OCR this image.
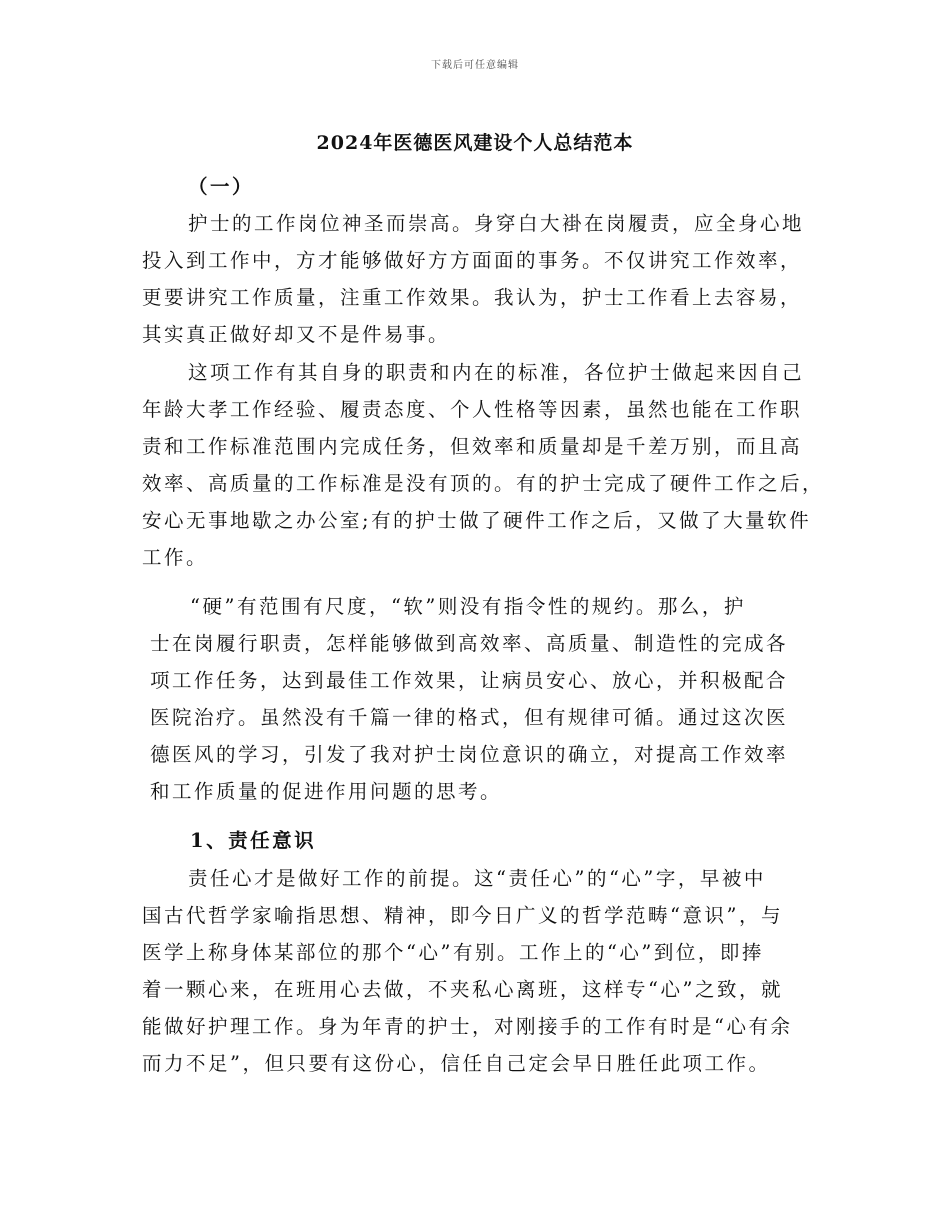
下载后可任意编辑
2024年医德医风建设个人总结范本
（一）
护士的工作岗位神圣而崇高。身穿白大褂在岗履责，应全身心地
投入到工作中，方才能够做好方方面面的事务。不仅讲究工作效率，
更要讲究工作质量，注重工作效果。我认为，护士工作看上去容易，
其实真正做好却又不是件易事。
这项工作有其自身的职责和内在的标准，各位护士做起来因自己
年龄大孝工作经验、履责态度、个人性格等因素，虽然也能在工作职
责和工作标准范围内完成任务，但效率和质量却是千差万别，而且高
效率、高质量的工作标准是没有顶的。有的护士完成了硬件工作之后，
安心无事地歇之办公室;有的护士做了硬件工作之后，又做了大量软件
工作。
“硬”有范围有尺度，“软”则没有指令性的规约。那么，护
士在岗履行职责，怎样能够做到高效率、高质量、制造性的完成各
项工作任务，达到最佳工作效果，让病员安心、放心，并积极配合
医院治疗。虽然没有千篇一律的格式，但有规律可循。通过这次医
德医风的学习，引发了我对护士岗位意识的确立，对提高工作效率
和工作质量的促进作用问题的思考。
1、责任意识
责任心才是做好工作的前提。这“责任心”的“心”字，早被中
国古代哲学家喻指思想、精神，即今日广义的哲学范畴“意识”，与
医学上称身体某部位的那个“心”有别。工作上的“心”到位，即捧
着一颗心来，在班用心去做，不夹私心离班，这样专“心”之致，就
能做好护理工作。身为年青的护士，对刚接手的工作有时是“心有余
而力不足”，但只要有这份心，信任自己定会早日胜任此项工作。
